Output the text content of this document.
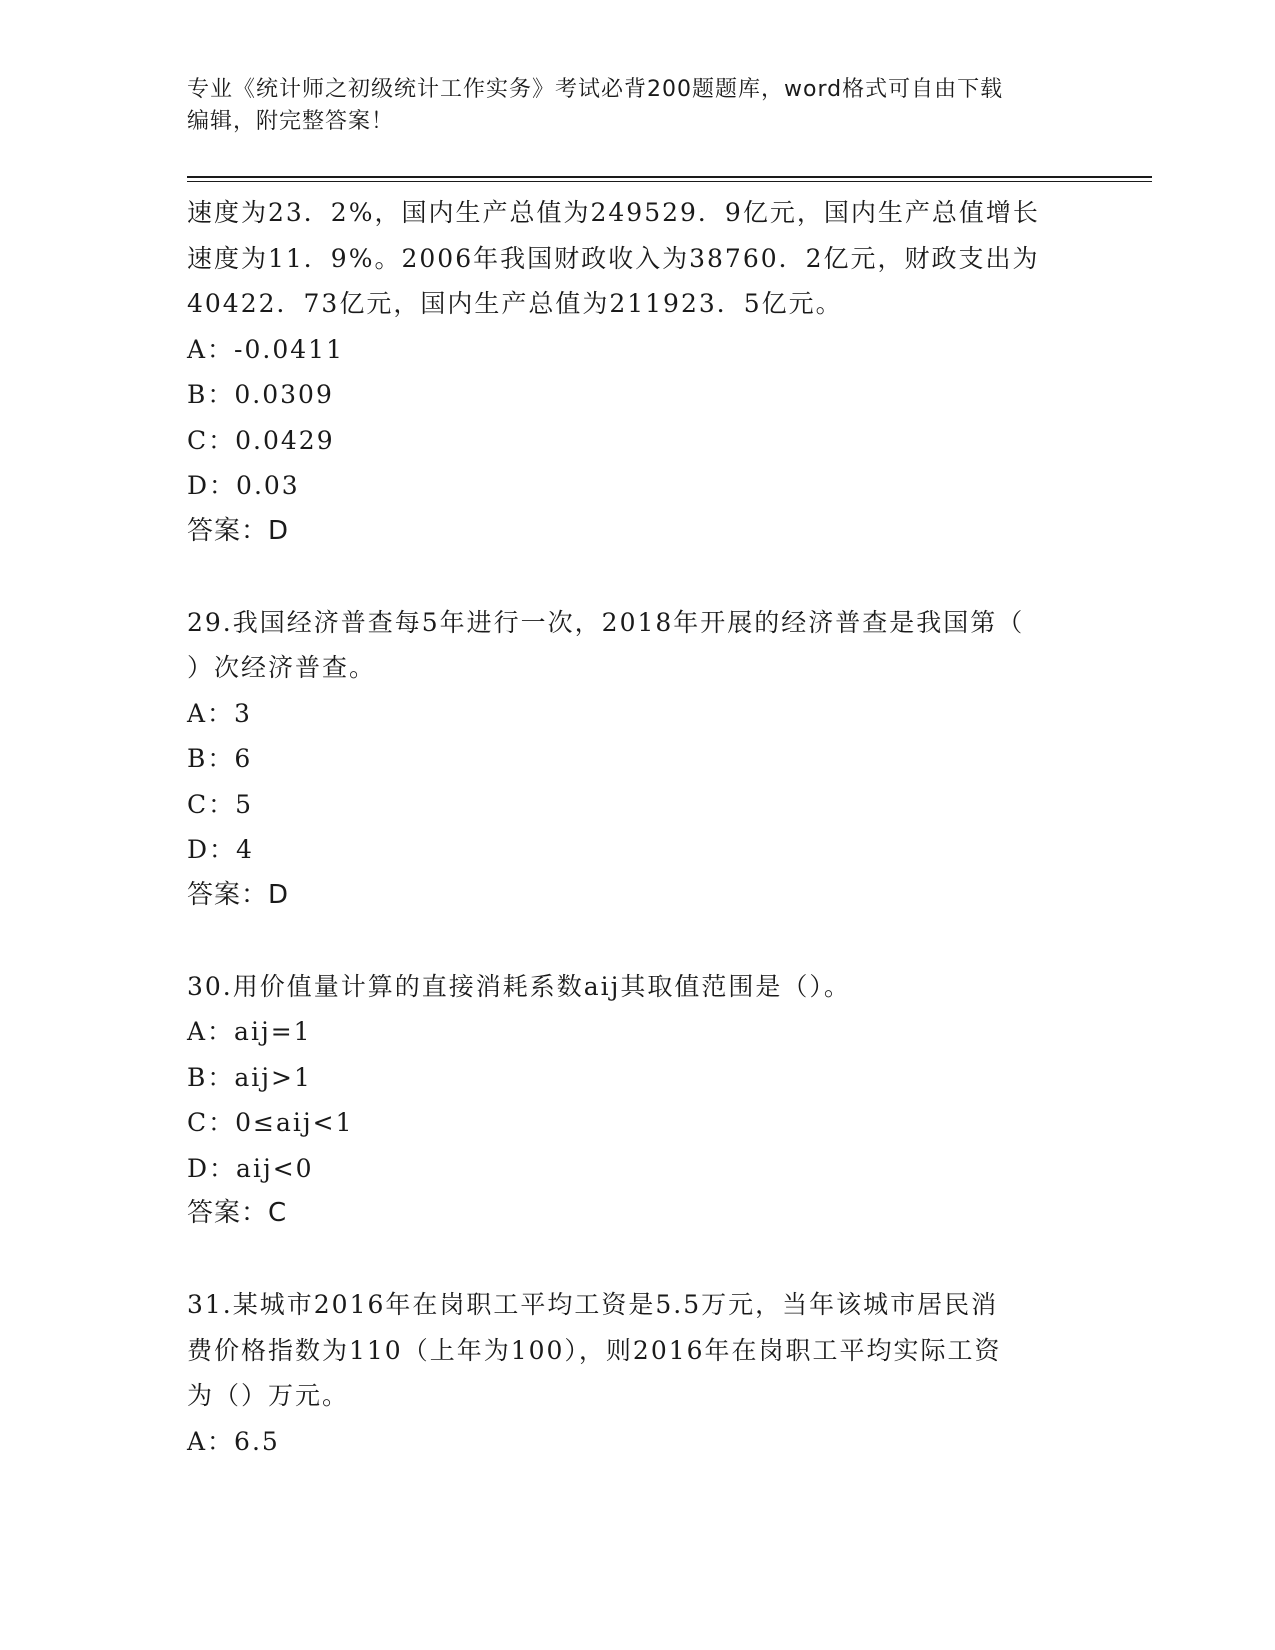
专业《统计师之初级统计工作实务》考试必背200题题库，word格式可自由下载
编辑，附完整答案！
速度为23．2%，国内生产总值为249529．9亿元，国内生产总值增长
速度为11．9%。2006年我国财政收入为38760．2亿元，财政支出为
40422．73亿元，国内生产总值为211923．5亿元。
A：-0.0411
B：0.0309
C：0.0429
D：0.03
答案：D
29.我国经济普查每5年进行一次，2018年开展的经济普查是我国第（
）次经济普查。
A：3
B：6
C：5
D：4
答案：D
30.用价值量计算的直接消耗系数aij其取值范围是（）。
A：aij=1
B：aij>1
C：0≤aij<1
D：aij<0
答案：C
31.某城市2016年在岗职工平均工资是5.5万元，当年该城市居民消
费价格指数为110（上年为100），则2016年在岗职工平均实际工资
为（）万元。
A：6.5
